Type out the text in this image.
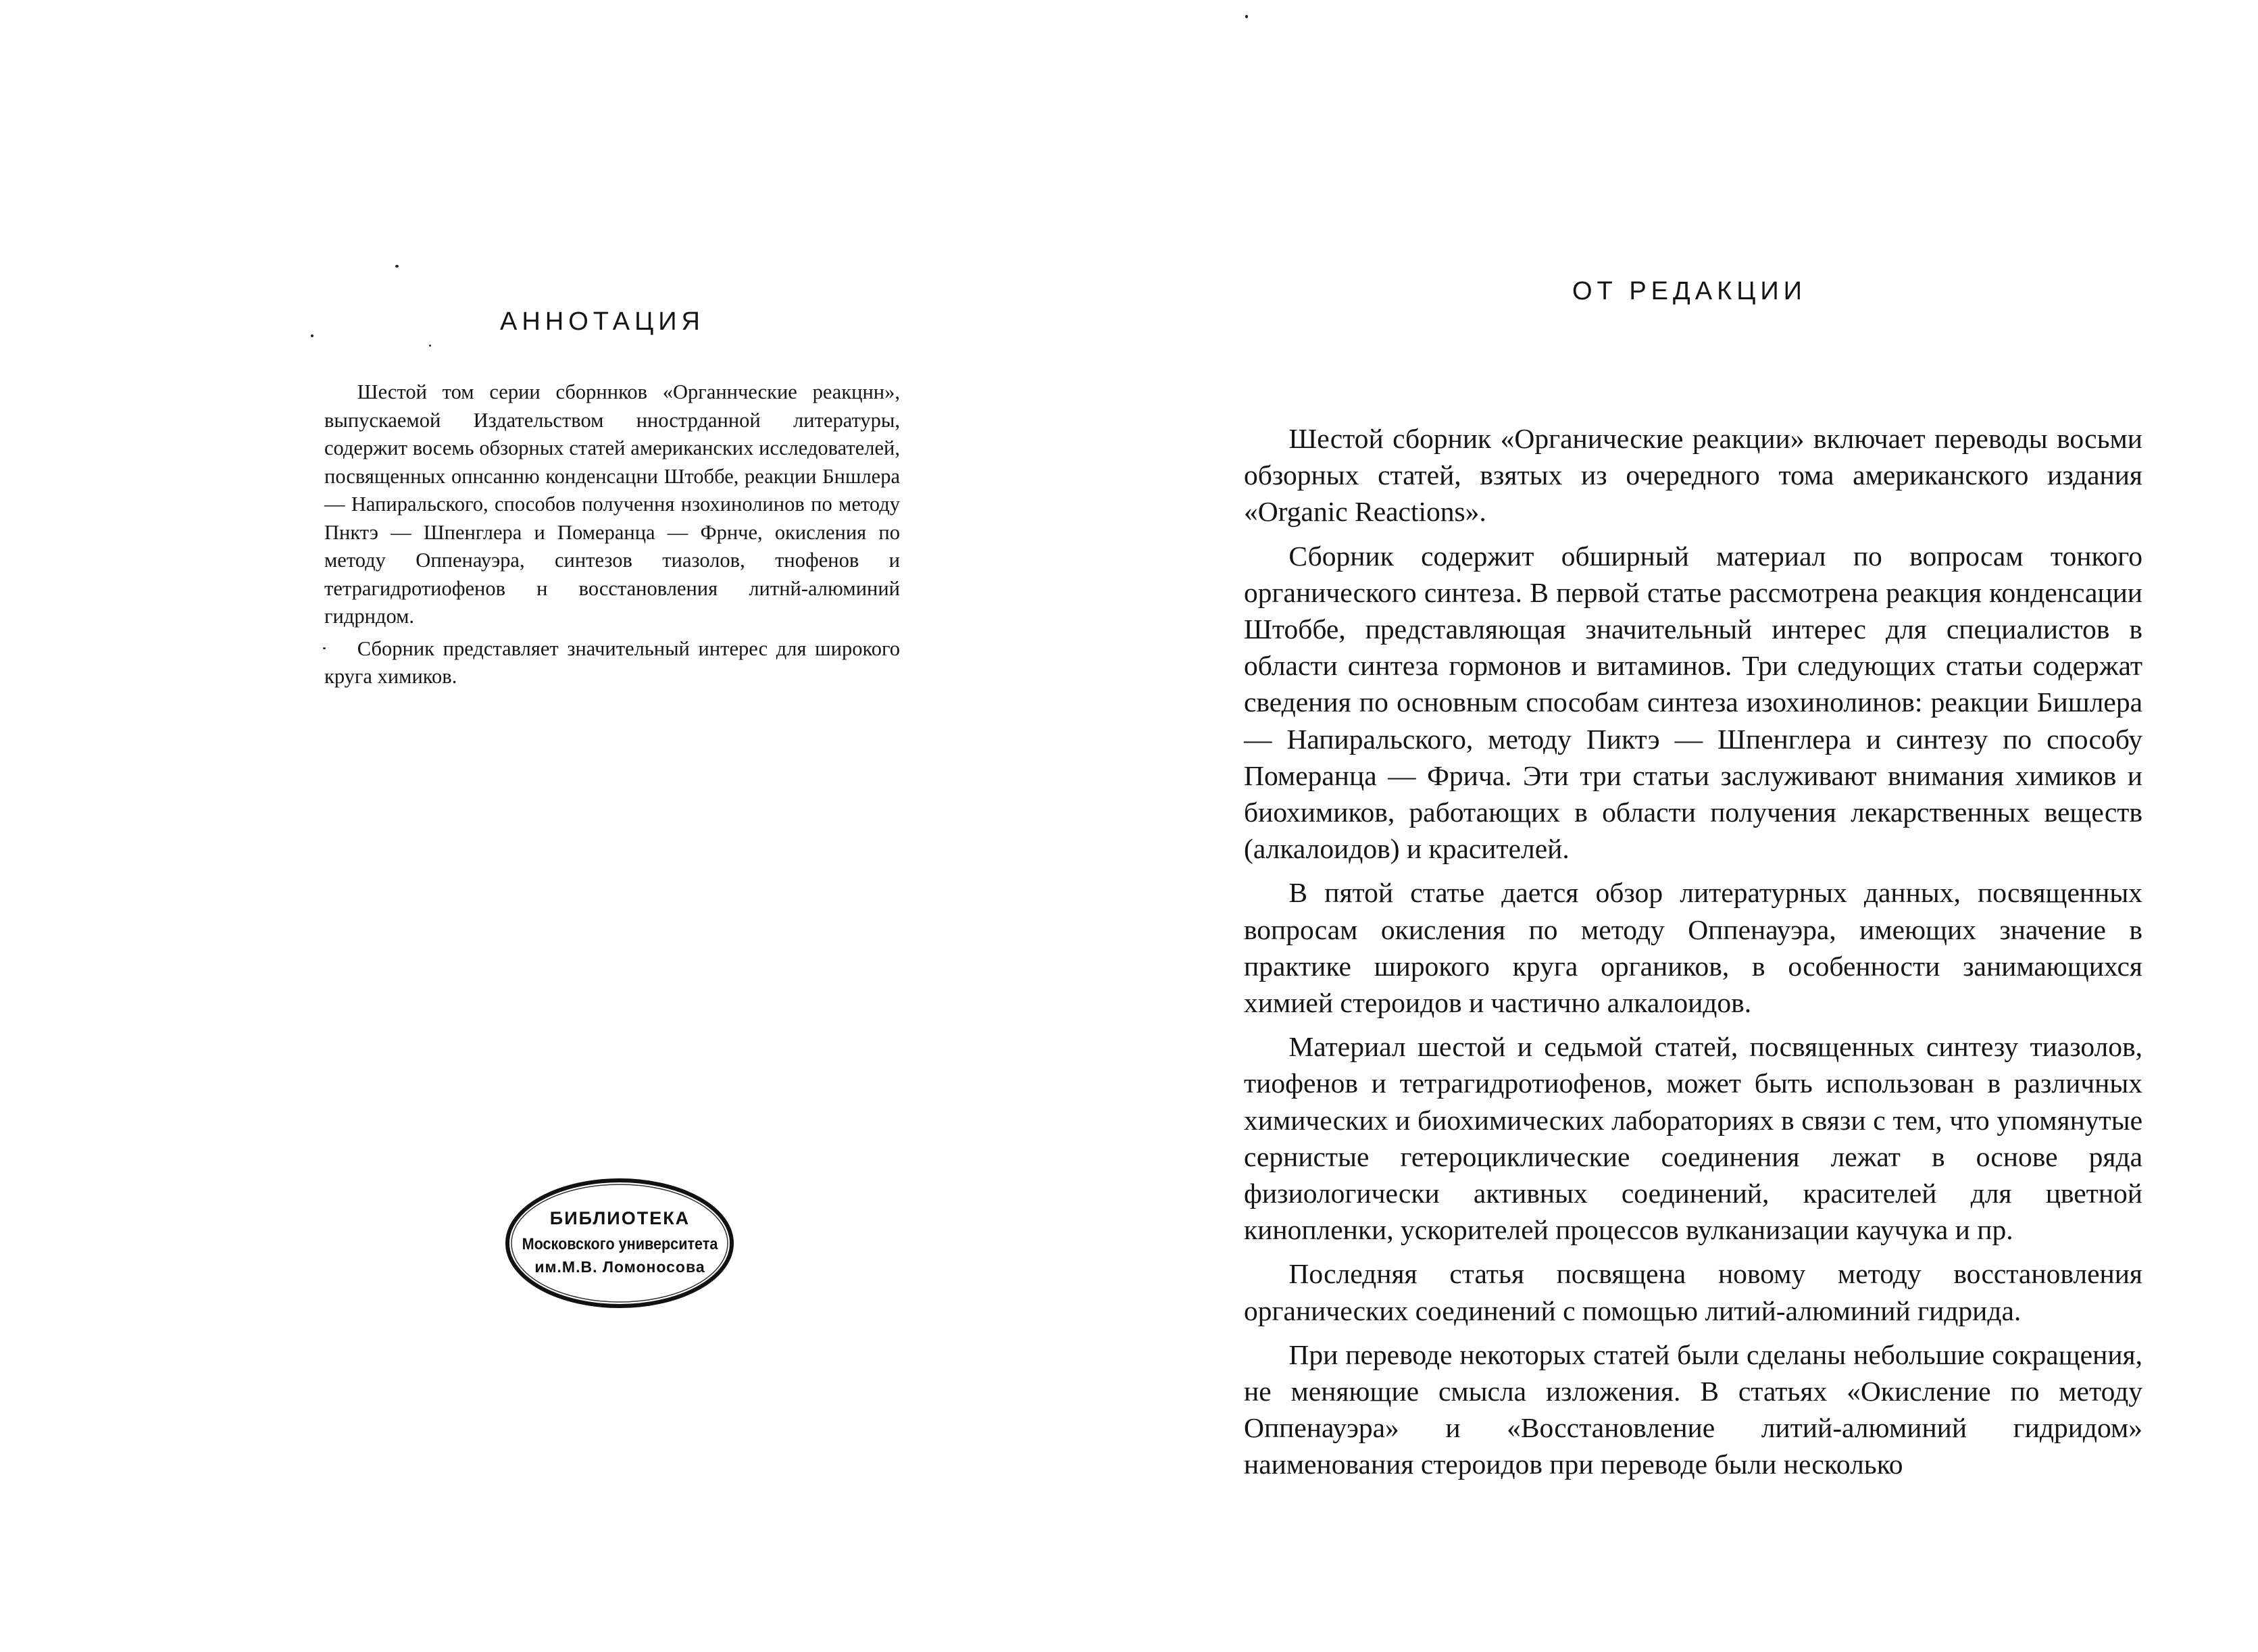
АННОТАЦИЯ

Шестой том серии сборннков «Органнческие реакцнн», выпускаемой Издательством ннострданной литературы, содержит восемь обзорных статей американских исследователей, посвященных опнсанню конденсацни Штоббе, реакции Бншлера — Напиральского, способов получення нзохинолинов по методу Пнктэ — Шпенглера и Померанца — Фрнче, окисления по методу Оппенауэра, синтезов тиазолов, тнофенов и тетрагидротиофенов н восстановления литнй-алюминий гидрндом.

Сборник представляет значительный интерес для широкого круга химиков.

БИБЛИОТЕКА
Московского университета
им.М.В. Ломоносова
ОТ РЕДАКЦИИ

Шестой сборник «Органические реакции» включает переводы восьми обзорных статей, взятых из очередного тома американского издания «Organic Reactions».

Сборник содержит обширный материал по вопросам тонкого органического синтеза. В первой статье рассмотрена реакция конденсации Штоббе, представляющая значительный интерес для специалистов в области синтеза гормонов и витаминов. Три следующих статьи содержат сведения по основным способам синтеза изохинолинов: реакции Бишлера — Напиральского, методу Пиктэ — Шпенглера и синтезу по способу Померанца — Фрича. Эти три статьи заслуживают внимания химиков и биохимиков, работающих в области получения лекарственных веществ (алкалоидов) и красителей.

В пятой статье дается обзор литературных данных, посвященных вопросам окисления по методу Оппенауэра, имеющих значение в практике широкого круга органиков, в особенности занимающихся химией стероидов и частично алкалоидов.

Материал шестой и седьмой статей, посвященных синтезу тиазолов, тиофенов и тетрагидротиофенов, может быть использован в различных химических и биохимических лабораториях в связи с тем, что упомянутые сернистые гетероциклические соединения лежат в основе ряда физиологически активных соединений, красителей для цветной кинопленки, ускорителей процессов вулканизации каучука и пр.

Последняя статья посвящена новому методу восстановления органических соединений с помощью литий-алюминий гидрида.

При переводе некоторых статей были сделаны небольшие сокращения, не меняющие смысла изложения. В статьях «Окисление по методу Оппенауэра» и «Восстановление литий-алюминий гидридом» наименования стероидов при переводе были несколько
